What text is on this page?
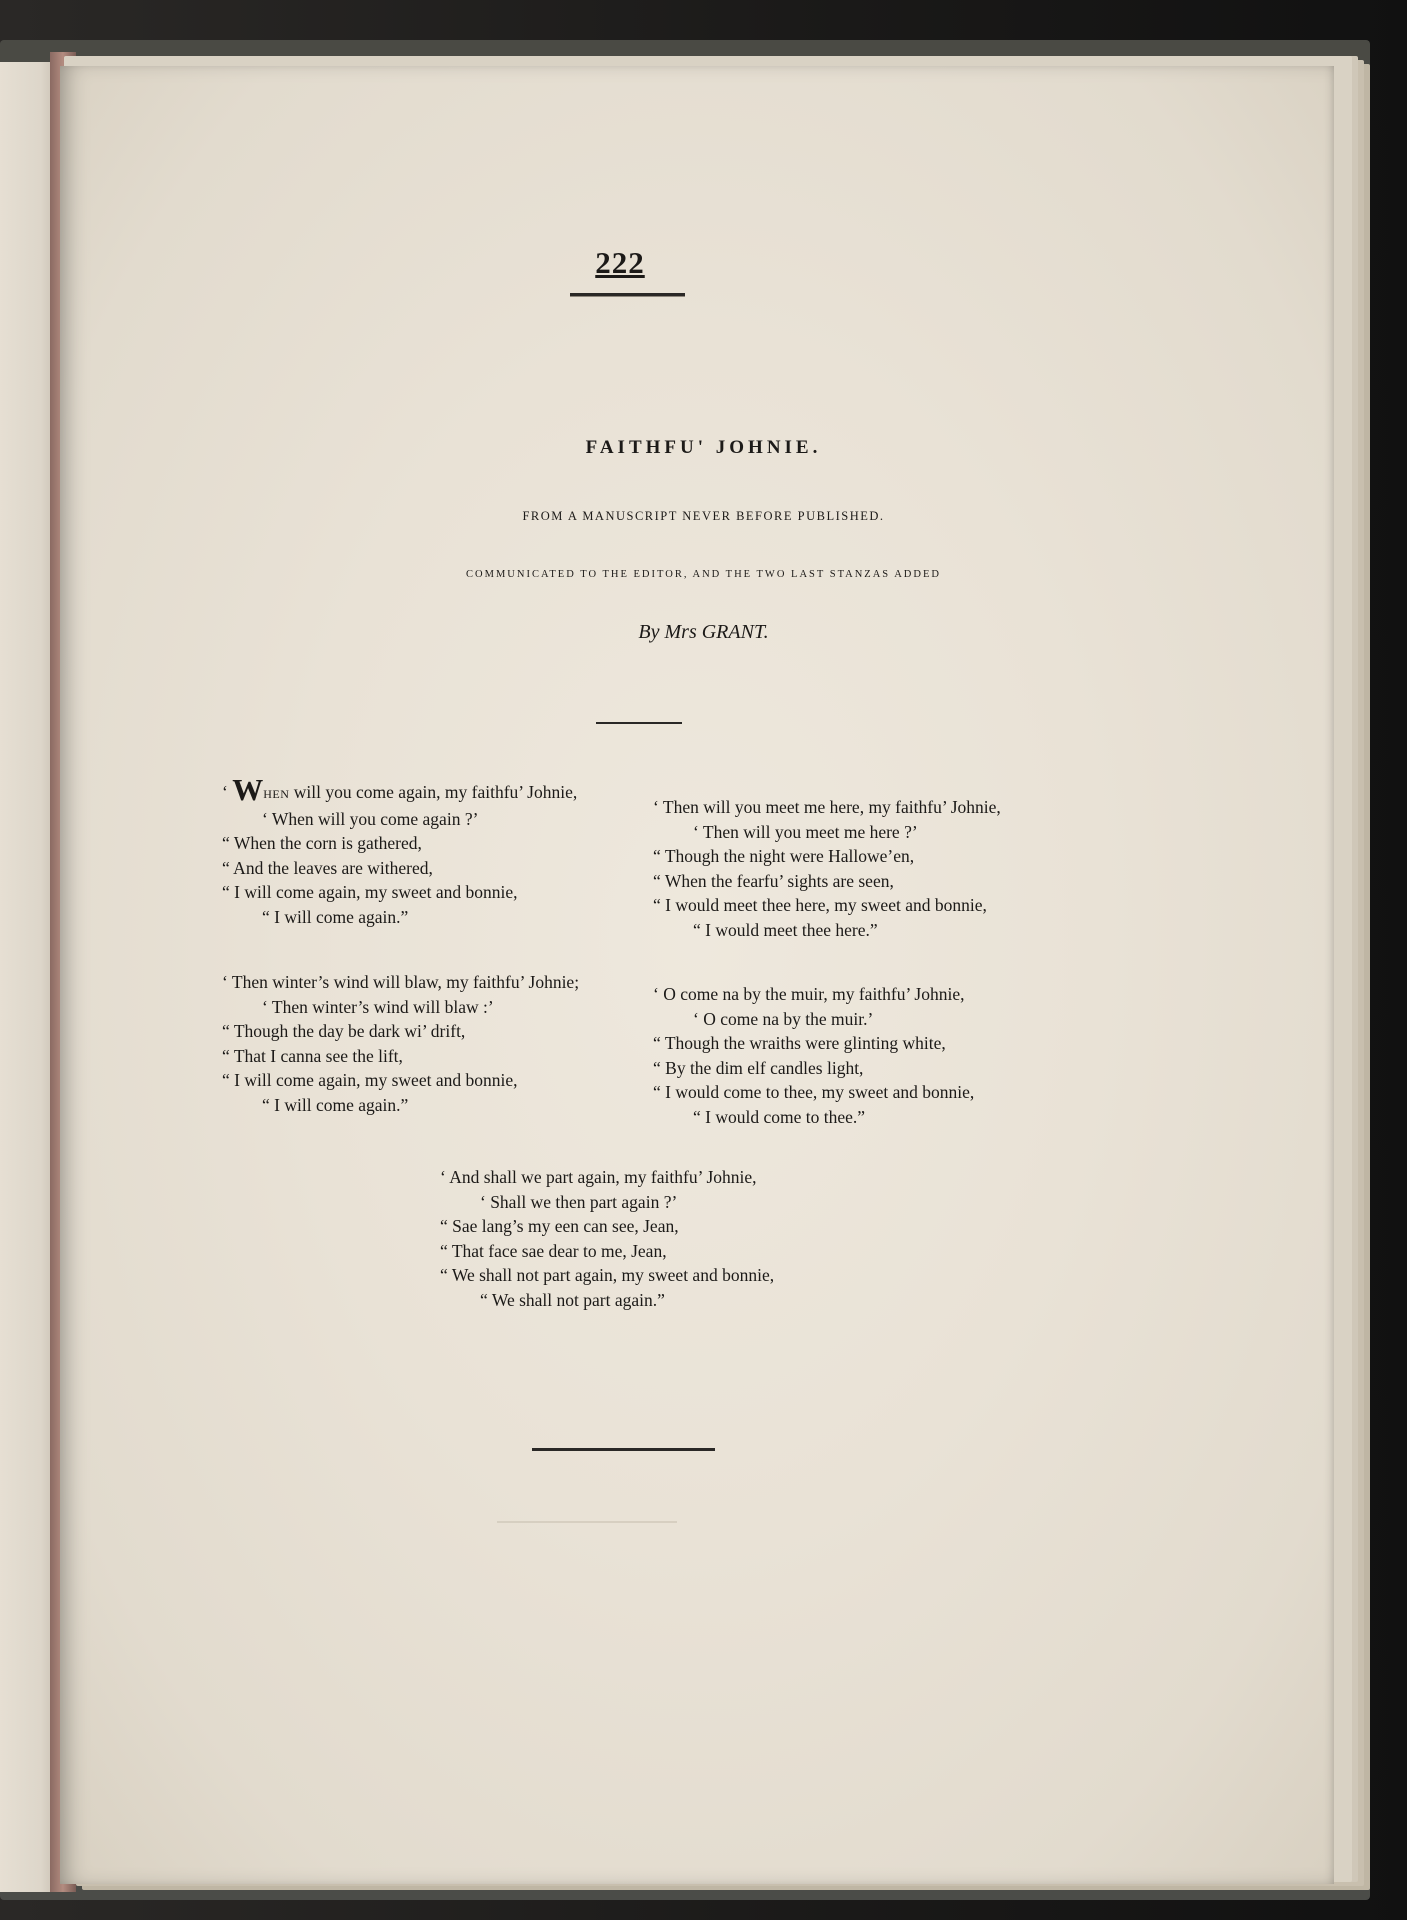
222
FAITHFU' JOHNIE.
FROM A MANUSCRIPT NEVER BEFORE PUBLISHED.
COMMUNICATED TO THE EDITOR, AND THE TWO LAST STANZAS ADDED
By Mrs GRANT.
‘ WHEN will you come again, my faithfu’ Johnie,
‘ When will you come again ?’
“ When the corn is gathered,
“ And the leaves are withered,
“ I will come again, my sweet and bonnie,
“ I will come again.”
‘ Then will you meet me here, my faithfu’ Johnie,
‘ Then will you meet me here ?’
“ Though the night were Hallowe’en,
“ When the fearfu’ sights are seen,
“ I would meet thee here, my sweet and bonnie,
“ I would meet thee here.”
‘ Then winter’s wind will blaw, my faithfu’ Johnie;
‘ Then winter’s wind will blaw :’
“ Though the day be dark wi’ drift,
“ That I canna see the lift,
“ I will come again, my sweet and bonnie,
“ I will come again.”
‘ O come na by the muir, my faithfu’ Johnie,
‘ O come na by the muir.’
“ Though the wraiths were glinting white,
“ By the dim elf candles light,
“ I would come to thee, my sweet and bonnie,
“ I would come to thee.”
‘ And shall we part again, my faithfu’ Johnie,
‘ Shall we then part again ?’
“ Sae lang’s my een can see, Jean,
“ That face sae dear to me, Jean,
“ We shall not part again, my sweet and bonnie,
“ We shall not part again.”
